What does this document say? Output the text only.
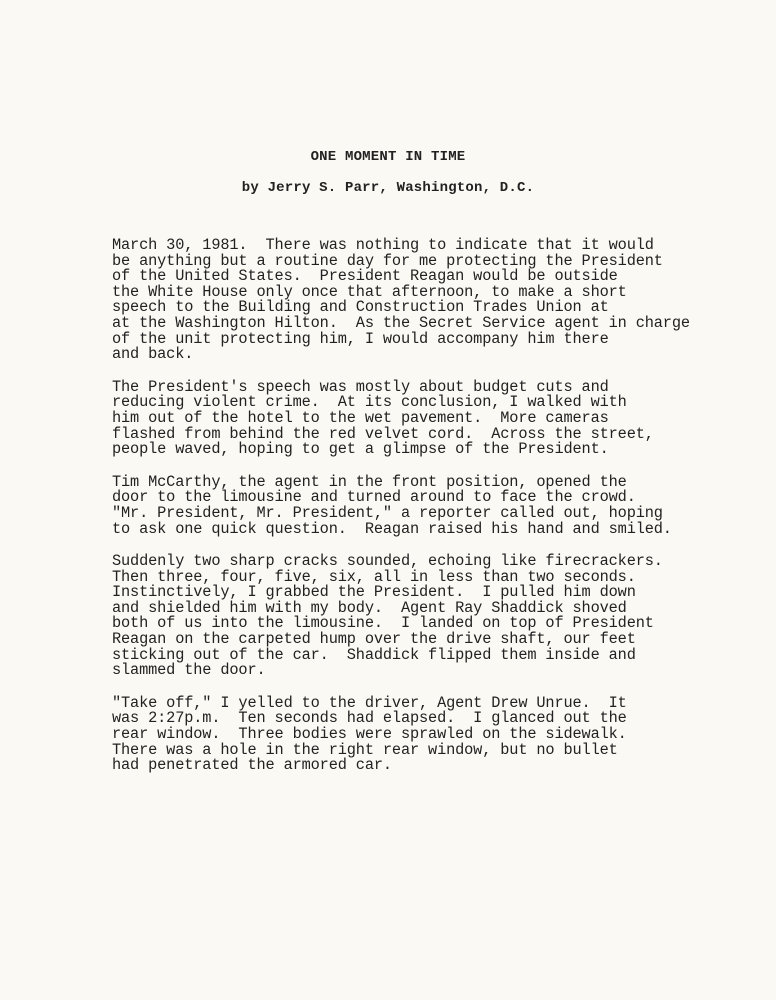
ONE MOMENT IN TIME
by Jerry S. Parr, Washington, D.C.
March 30, 1981.  There was nothing to indicate that it would
be anything but a routine day for me protecting the President
of the United States.  President Reagan would be outside
the White House only once that afternoon, to make a short
speech to the Building and Construction Trades Union at
at the Washington Hilton.  As the Secret Service agent in charge
of the unit protecting him, I would accompany him there
and back.
The President's speech was mostly about budget cuts and
reducing violent crime.  At its conclusion, I walked with
him out of the hotel to the wet pavement.  More cameras
flashed from behind the red velvet cord.  Across the street,
people waved, hoping to get a glimpse of the President.
Tim McCarthy, the agent in the front position, opened the
door to the limousine and turned around to face the crowd.
"Mr. President, Mr. President," a reporter called out, hoping
to ask one quick question.  Reagan raised his hand and smiled.
Suddenly two sharp cracks sounded, echoing like firecrackers.
Then three, four, five, six, all in less than two seconds.
Instinctively, I grabbed the President.  I pulled him down
and shielded him with my body.  Agent Ray Shaddick shoved
both of us into the limousine.  I landed on top of President
Reagan on the carpeted hump over the drive shaft, our feet
sticking out of the car.  Shaddick flipped them inside and
slammed the door.
"Take off," I yelled to the driver, Agent Drew Unrue.  It
was 2:27p.m.  Ten seconds had elapsed.  I glanced out the
rear window.  Three bodies were sprawled on the sidewalk.
There was a hole in the right rear window, but no bullet
had penetrated the armored car.
